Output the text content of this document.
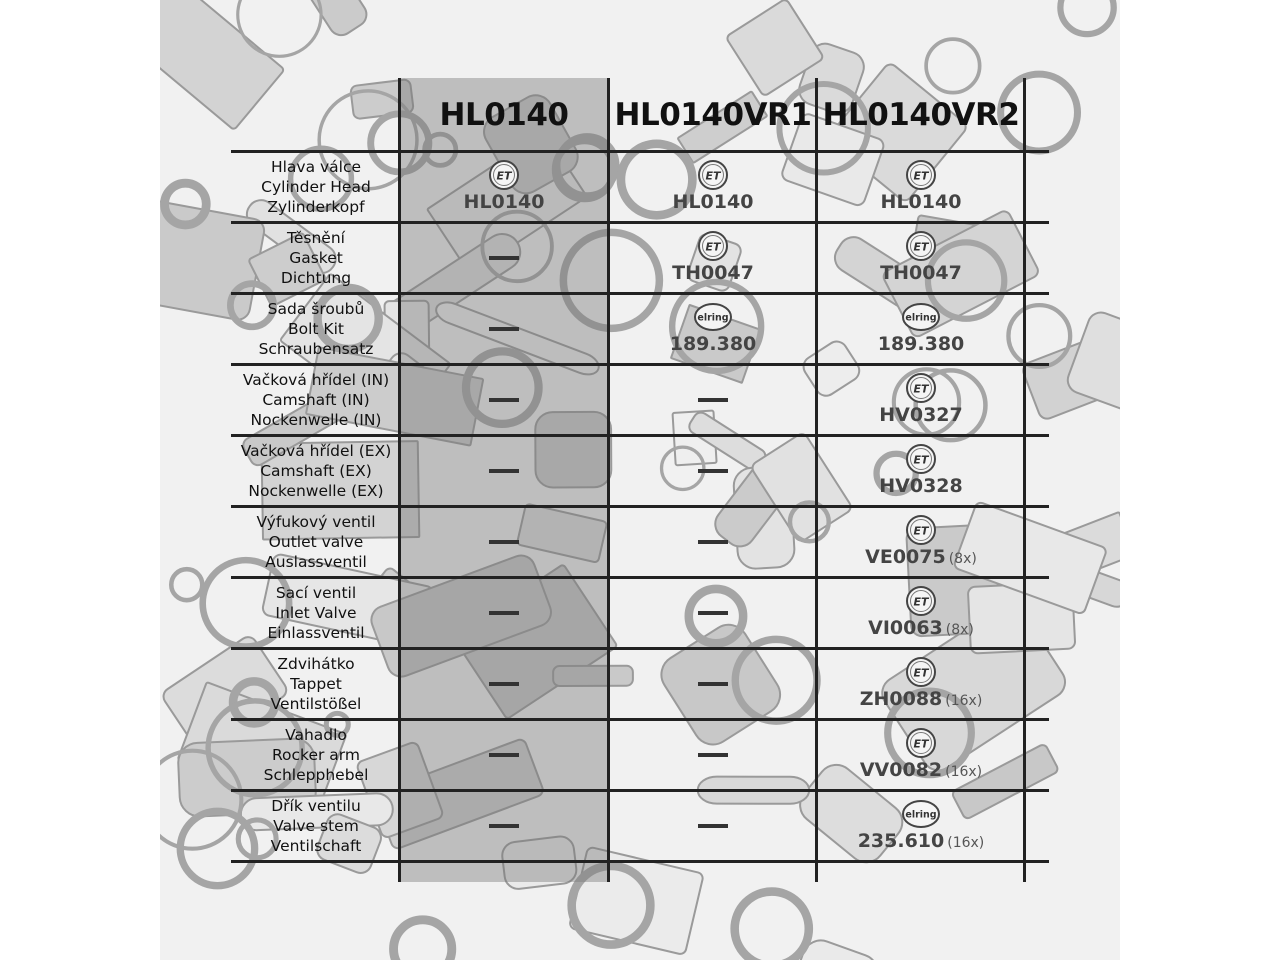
HL0140	HL0140VR1 HL0140VR2
Hlava válce
Cylinder Head
Zylinderkopf
ET
HL0140
ET
HL0140
ET
HL0140
Těsnění
Gasket
Dichtung
ET
TH0047
ET
TH0047
Sada šroubů
Bolt Kit
Schraubensatz
elring
189.380
elring
189.380
Vačková hřídel (IN)
Camshaft (IN)
Nockenwelle (IN)
ET
HV0327
Vačková hřídel (EX)
Camshaft (EX)
Nockenwelle (EX)
ET
HV0328
Výfukový ventil
Outlet valve
Auslassventil
ET
VE0075 (8x)
Sací ventil
Inlet Valve
Einlassventil
ET
VI0063 (8x)
Zdvihátko
Tappet
Ventilstößel
ET
ZH0088 (16x)
Vahadlo
Rocker arm
Schlepphebel
ET
VV0082 (16x)
Dřík ventilu
Valve stem
Ventilschaft
elring
235.610 (16x)
